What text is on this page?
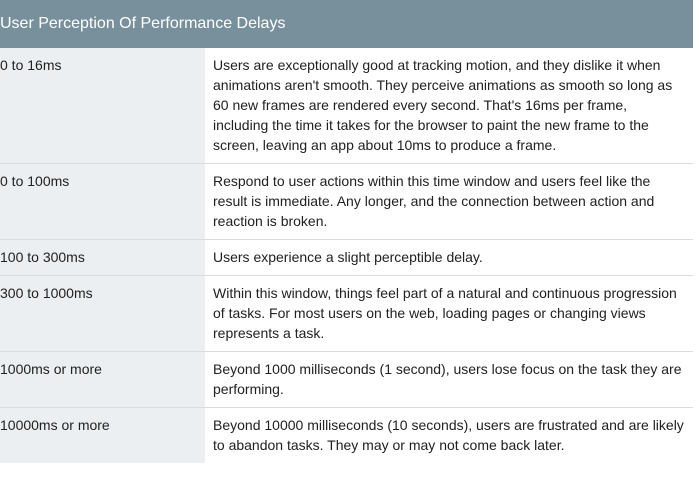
User Perception Of Performance Delays
0 to 16ms	Users are exceptionally good at tracking motion, and they dislike it when animations aren't smooth. They perceive animations as smooth so long as 60 new frames are rendered every second. That's 16ms per frame, including the time it takes for the browser to paint the new frame to the screen, leaving an app about 10ms to produce a frame.
0 to 100ms	Respond to user actions within this time window and users feel like the result is immediate. Any longer, and the connection between action and reaction is broken.
100 to 300ms	Users experience a slight perceptible delay.
300 to 1000ms	Within this window, things feel part of a natural and continuous progression of tasks. For most users on the web, loading pages or changing views represents a task.
1000ms or more	Beyond 1000 milliseconds (1 second), users lose focus on the task they are performing.
10000ms or more	Beyond 10000 milliseconds (10 seconds), users are frustrated and are likely to abandon tasks. They may or may not come back later.
